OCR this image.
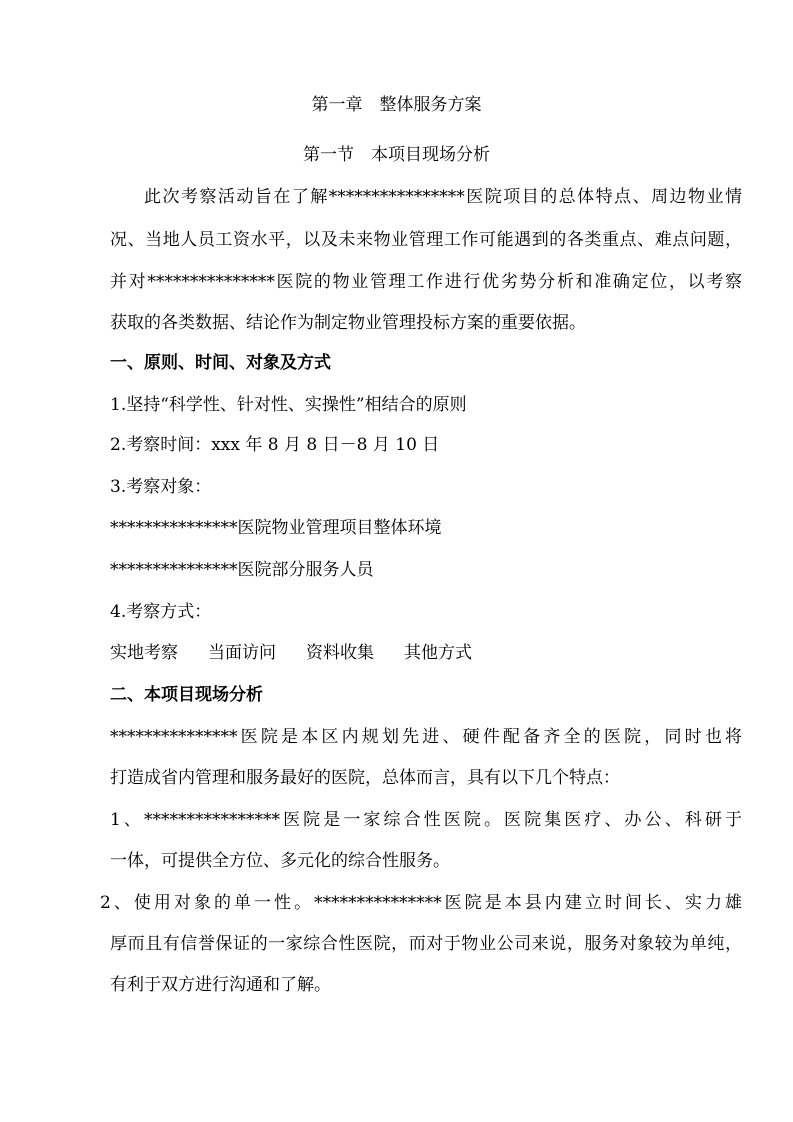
第一章　整体服务方案
第一节　本项目现场分析
此次考察活动旨在了解****************医院项目的总体特点、周边物业情
况、当地人员工资水平，以及未来物业管理工作可能遇到的各类重点、难点问题，
并对***************医院的物业管理工作进行优劣势分析和准确定位，以考察
获取的各类数据、结论作为制定物业管理投标方案的重要依据。
一、原则、时间、对象及方式
1.坚持“科学性、针对性、实操性”相结合的原则
2.考察时间：xxx 年 8 月 8 日－8 月 10 日
3.考察对象：
***************医院物业管理项目整体环境
***************医院部分服务人员
4.考察方式：
实地考察 当面访问 资料收集 其他方式
二、本项目现场分析
***************医院是本区内规划先进、硬件配备齐全的医院，同时也将
打造成省内管理和服务最好的医院，总体而言，具有以下几个特点：
1、****************医院是一家综合性医院。医院集医疗、办公、科研于
一体，可提供全方位、多元化的综合性服务。
2、使用对象的单一性。***************医院是本县内建立时间长、实力雄
厚而且有信誉保证的一家综合性医院，而对于物业公司来说，服务对象较为单纯，
有利于双方进行沟通和了解。
